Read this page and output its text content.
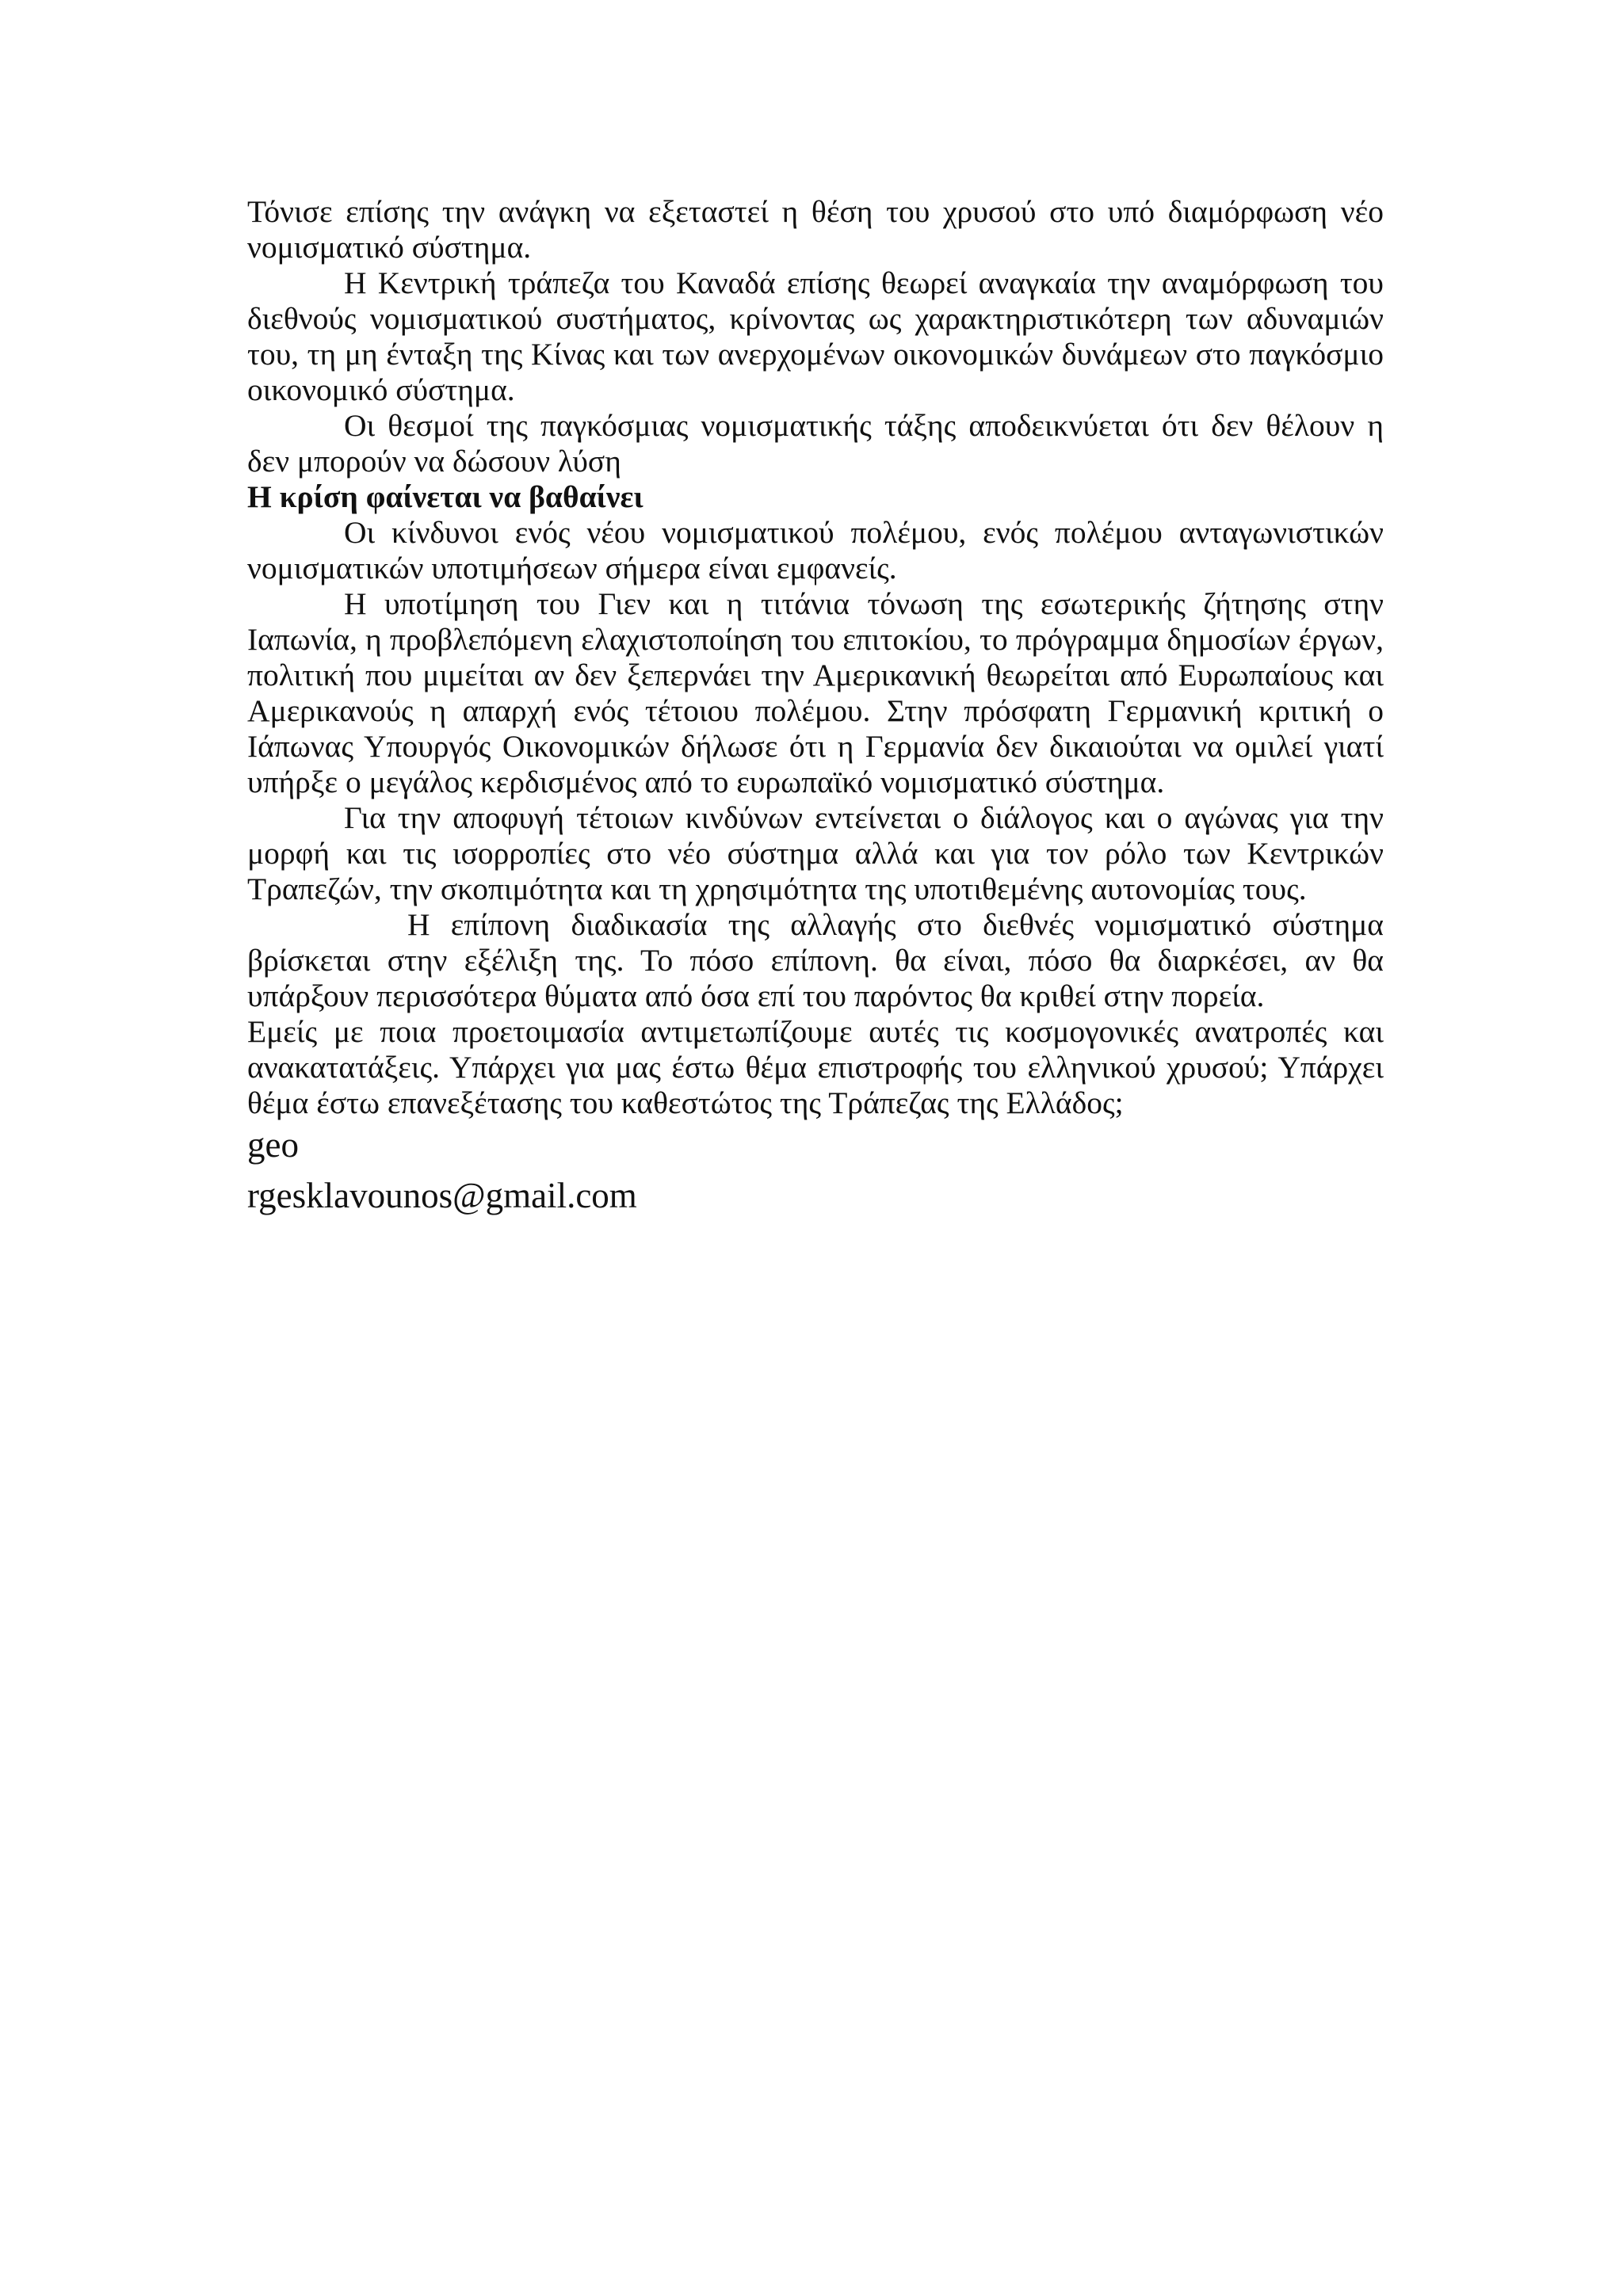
Τόνισε επίσης την ανάγκη να εξεταστεί η θέση του χρυσού στο υπό διαμόρφωση νέο νομισματικό σύστημα.

Η Κεντρική τράπεζα του Καναδά επίσης θεωρεί αναγκαία την αναμόρφωση του διεθνούς νομισματικού συστήματος, κρίνοντας ως χαρακτηριστικότερη των αδυναμιών του, τη μη ένταξη της Κίνας και των ανερχομένων οικονομικών δυνάμεων στο παγκόσμιο οικονομικό σύστημα.

Οι θεσμοί της παγκόσμιας νομισματικής τάξης αποδεικνύεται ότι δεν θέλουν η δεν μπορούν να δώσουν λύση

Η κρίση φαίνεται να βαθαίνει

Οι κίνδυνοι ενός νέου νομισματικού πολέμου, ενός πολέμου ανταγωνιστικών νομισματικών υποτιμήσεων σήμερα είναι εμφανείς.

Η υποτίμηση του Γιεν και η τιτάνια τόνωση της εσωτερικής ζήτησης στην Ιαπωνία, η προβλεπόμενη ελαχιστοποίηση του επιτοκίου, το πρόγραμμα δημοσίων έργων, πολιτική που μιμείται αν δεν ξεπερνάει την Αμερικανική θεωρείται από Ευρωπαίους και Αμερικανούς η απαρχή ενός τέτοιου πολέμου. Στην πρόσφατη Γερμανική κριτική ο Ιάπωνας Υπουργός Οικονομικών δήλωσε ότι η Γερμανία δεν δικαιούται να ομιλεί γιατί υπήρξε ο μεγάλος κερδισμένος από το ευρωπαϊκό νομισματικό σύστημα.

Για την αποφυγή τέτοιων κινδύνων εντείνεται ο διάλογος και ο αγώνας για την μορφή και τις ισορροπίες στο νέο σύστημα αλλά και για τον ρόλο των Κεντρικών Τραπεζών, την σκοπιμότητα και τη χρησιμότητα της υποτιθεμένης αυτονομίας τους.

Η επίπονη διαδικασία της αλλαγής στο διεθνές νομισματικό σύστημα βρίσκεται στην εξέλιξη της. Το πόσο επίπονη. θα είναι, πόσο θα διαρκέσει, αν θα υπάρξουν περισσότερα θύματα από όσα επί του παρόντος θα κριθεί στην πορεία.

Εμείς με ποια προετοιμασία αντιμετωπίζουμε αυτές τις κοσμογονικές ανατροπές και ανακατατάξεις. Υπάρχει για μας έστω θέμα επιστροφής του ελληνικού χρυσού; Υπάρχει θέμα έστω επανεξέτασης του καθεστώτος της Τράπεζας της Ελλάδος;

geo

rgesklavounos@gmail.com
